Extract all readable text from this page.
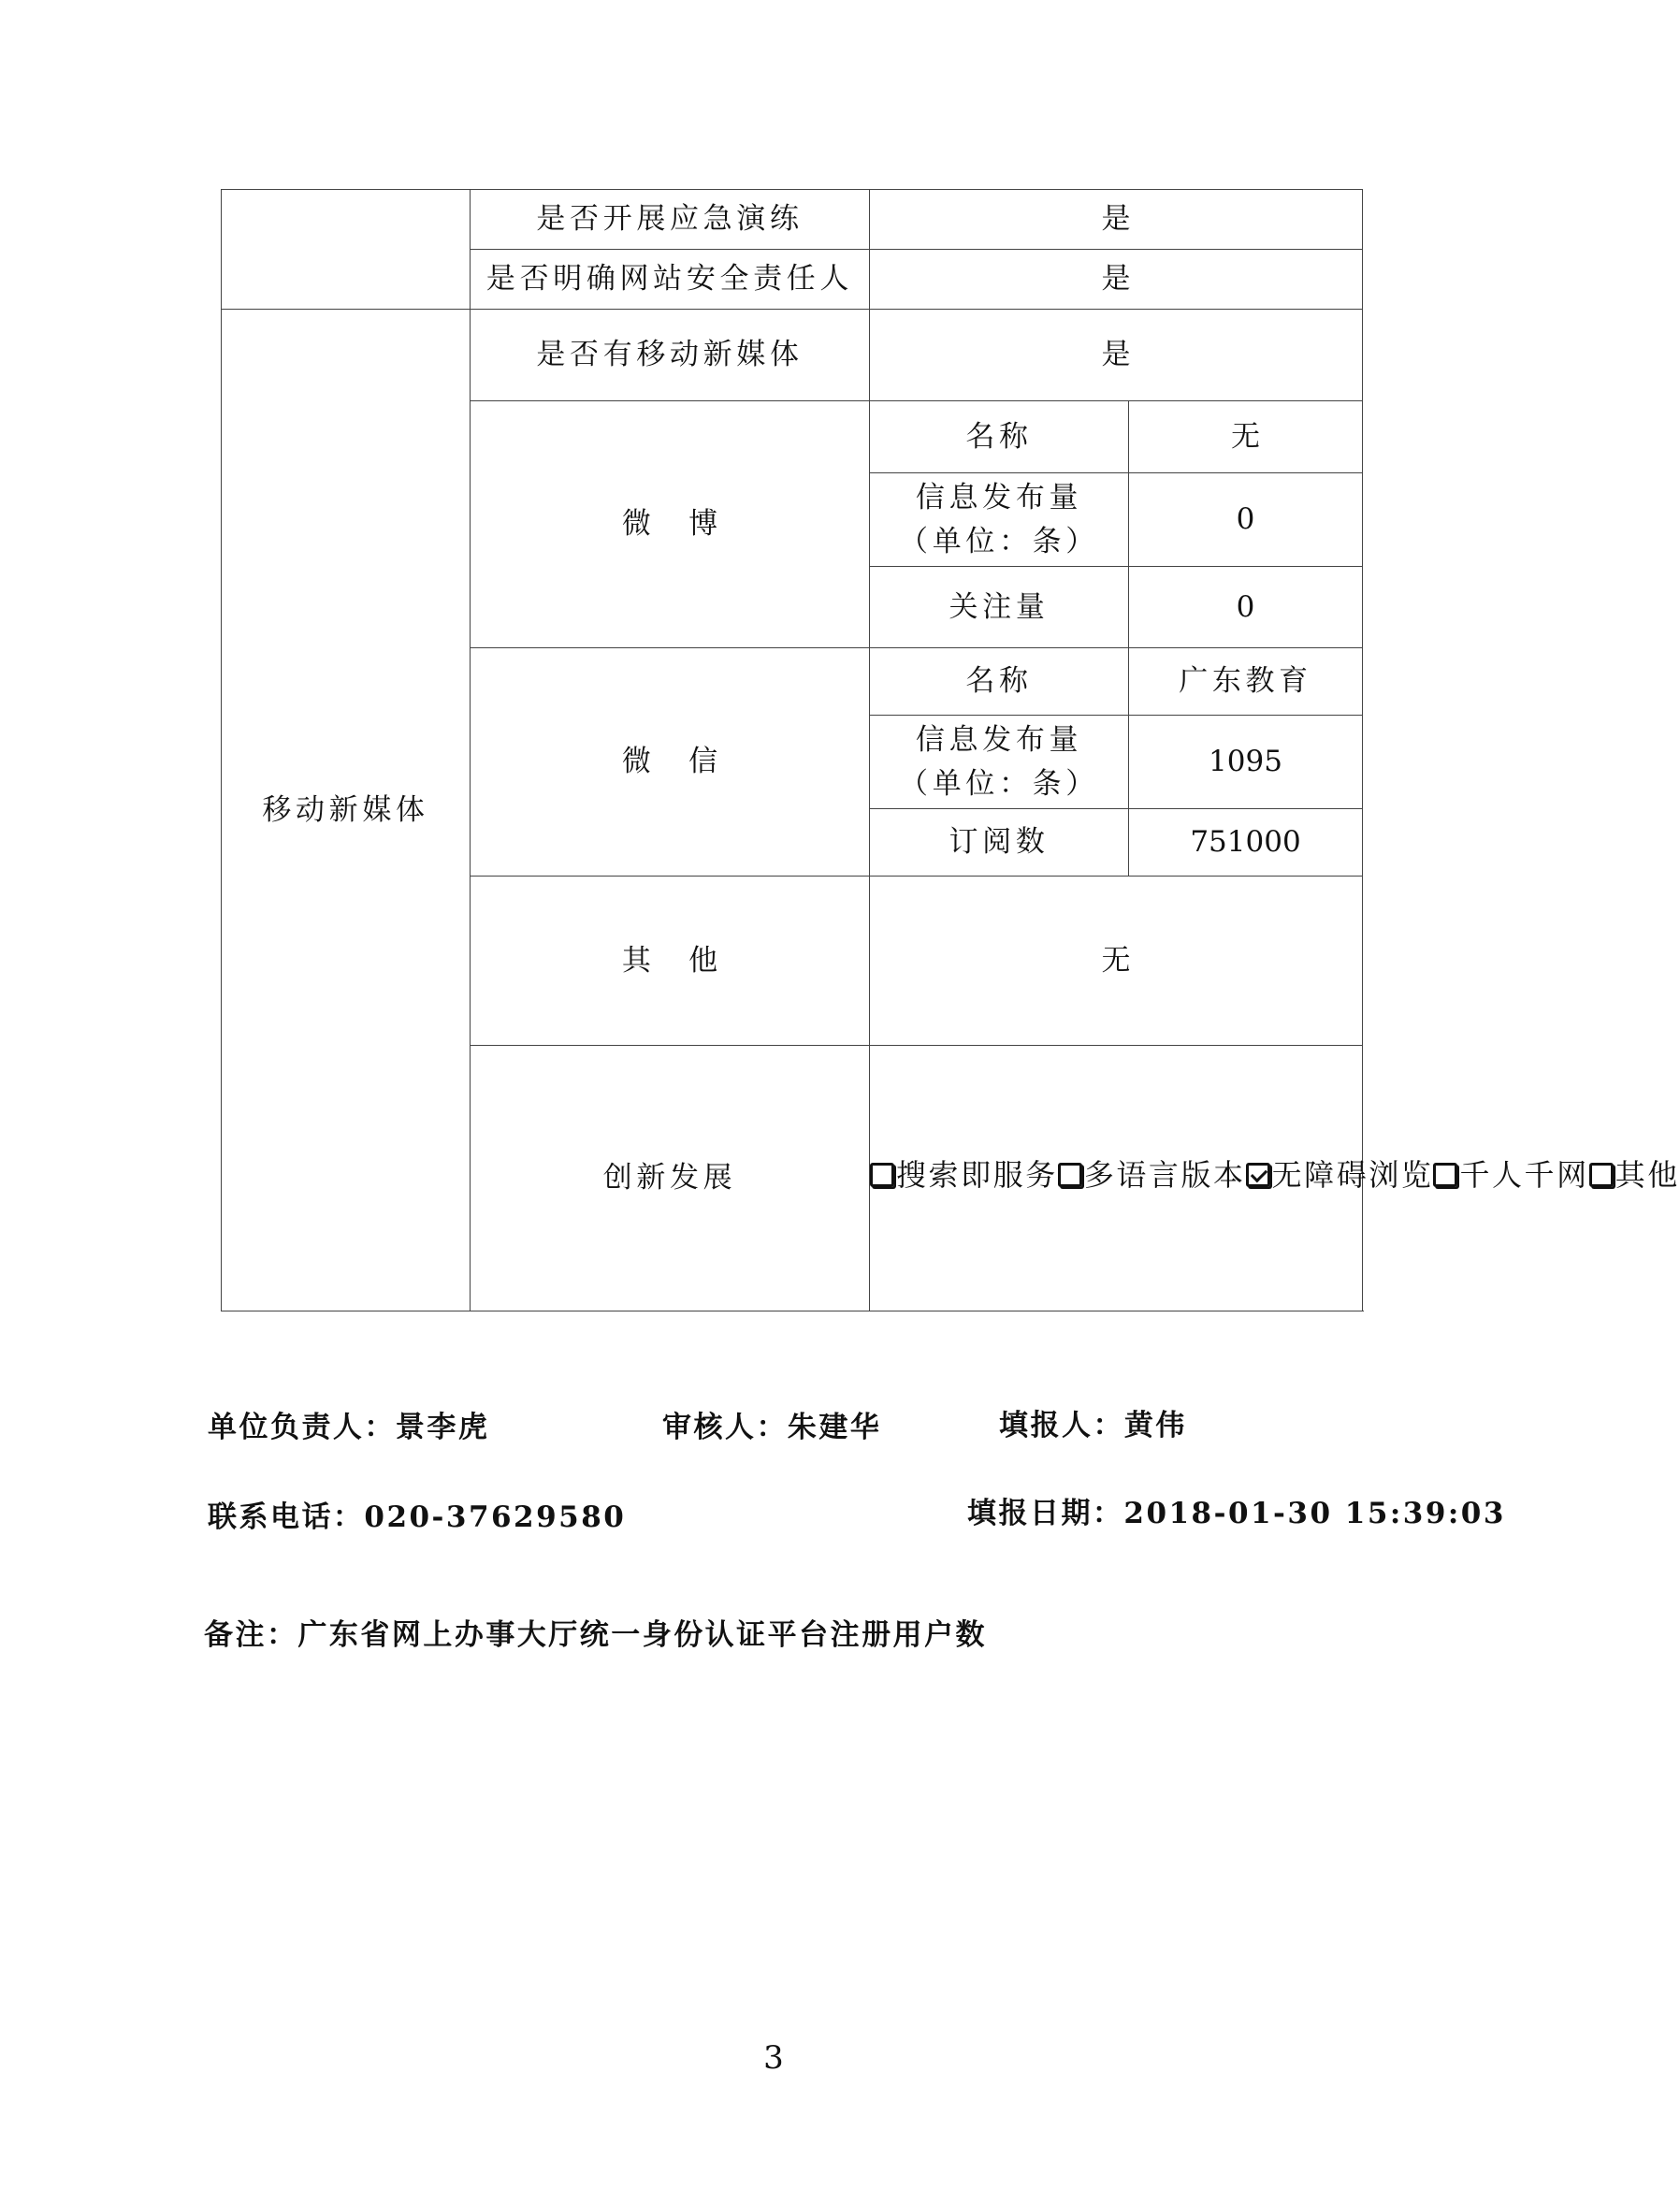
	是否开展应急演练	是	
	是否明确网站安全责任人	是	
移动新媒体	是否有移动新媒体	是	
	微博	名称	无

		信息发布量
（单位：条）	0
		关注量	0
	微信	名称	广东教育

		信息发布量
（单位：条）	1095
		订阅数	751000
	其他	无	
	创新发展	搜索即服务 多语言版本 无障碍浏览 千人千网 其他	
单位负责人：景李虎	审核人：朱建华	填报人：黄伟
联系电话：020-37629580	填报日期：2018-01-30 15:39:03
备注：广东省网上办事大厅统一身份认证平台注册用户数
3
